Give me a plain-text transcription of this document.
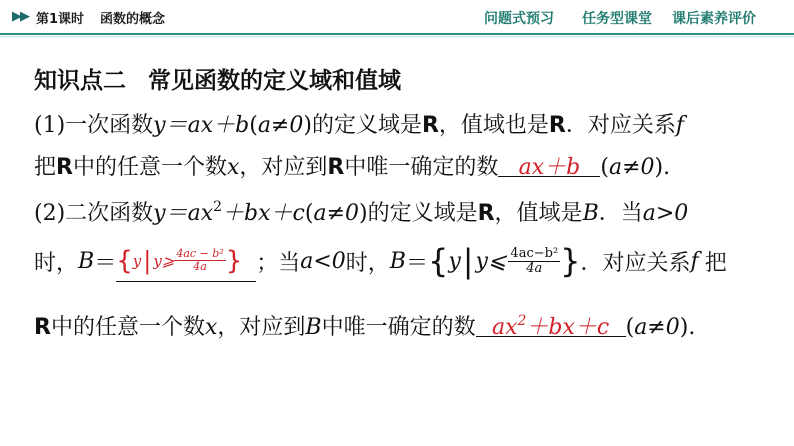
▶▶ 第1课时 函数的概念	问题式预习 任务型课堂 课后素养评价
知识点二 常见函数的定义域和值域
(1)一次函数y＝ax＋b(a≠0)的定义域是R，值域也是R．对应关系f
把R中的任意一个数x，对应到R中唯一确定的数 ax＋b (a≠0).
(2)二次函数$y=ax^2+bx+c(a\ne 0)$的定义域是R，值域是B．当a>0
时， B ＝ { y | y⩾ $\frac{\text{4ac − b²}}{4a}$ } ；当 a<0 时， B ＝ { y | y⩽ $\frac{\text{4ac−b²}}{4a}$ } ．对应关系 f 把
R中的任意一个数x，对应到B中唯一确定的数 $ax^2+bx+c$ (a≠0).
